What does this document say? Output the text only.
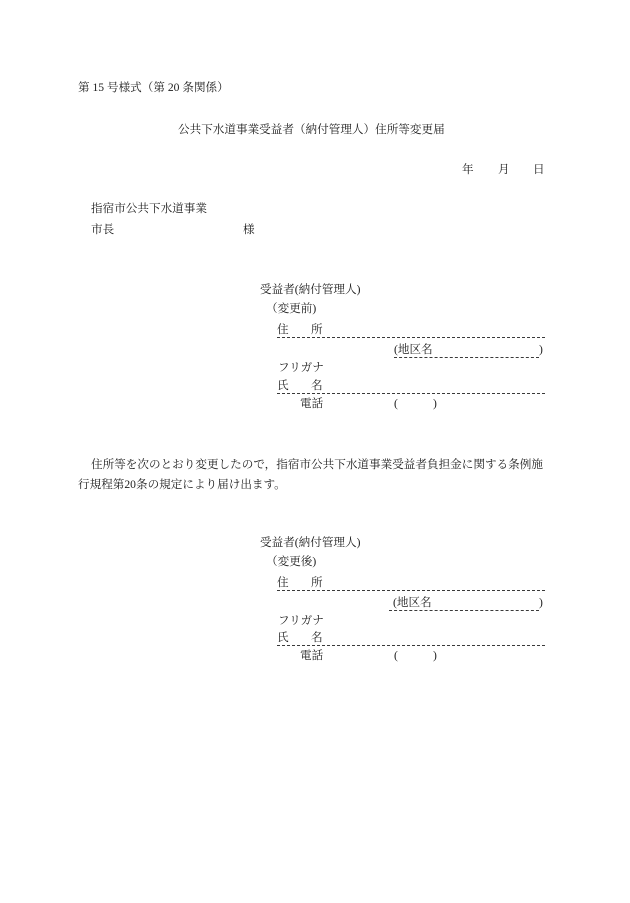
第 15 号様式（第 20 条関係）
公共下水道事業受益者（納付管理人）住所等変更届
年 月 日
指宿市公共下水道事業
市長	様
受益者(納付管理人)
（変更前)
住 所
(地区名	)
フリガナ
氏 名
電話	(	)
住所等を次のとおり変更したので，指宿市公共下水道事業受益者負担金に関する条例施
行規程第20条の規定により届け出ます。
受益者(納付管理人)
（変更後)
住 所
(地区名	)
フリガナ
氏 名
電話	(	)
